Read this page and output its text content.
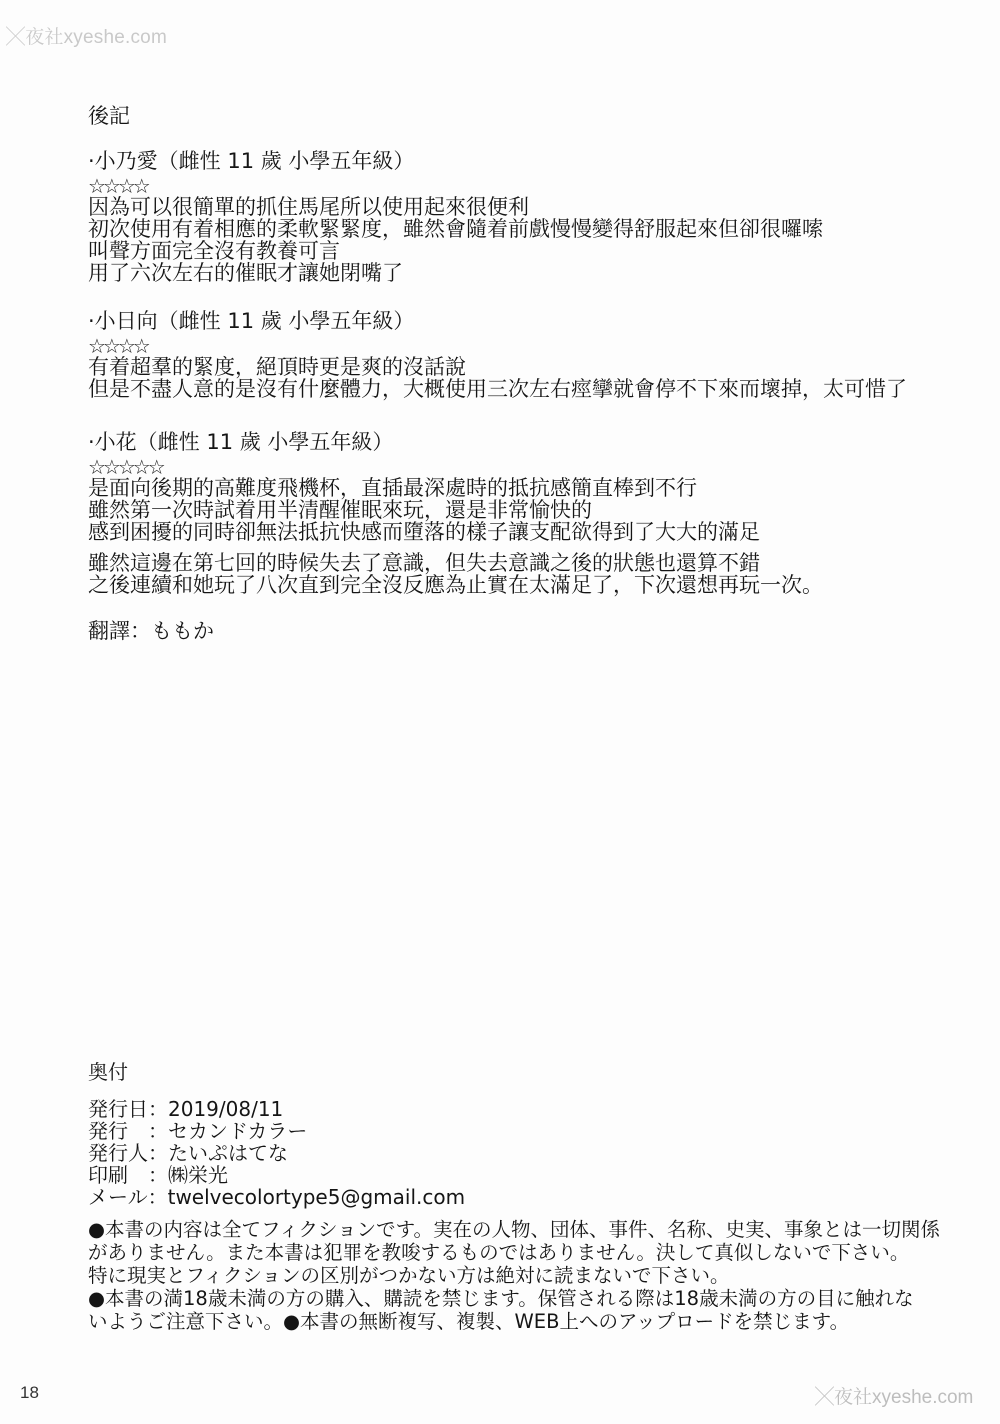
╳夜社xyeshe.com
後記
·小乃愛（雌性 11 歲 小學五年級）
☆☆☆☆
因為可以很簡單的抓住馬尾所以使用起來很便利
初次使用有着相應的柔軟緊緊度，雖然會隨着前戲慢慢變得舒服起來但卻很囉嗦
叫聲方面完全沒有教養可言
用了六次左右的催眠才讓她閉嘴了
·小日向（雌性 11 歲 小學五年級）
☆☆☆☆
有着超羣的緊度，絕頂時更是爽的沒話說
但是不盡人意的是沒有什麼體力，大概使用三次左右痙攣就會停不下來而壞掉，太可惜了
·小花（雌性 11 歲 小學五年級）
☆☆☆☆☆
是面向後期的高難度飛機杯，直插最深處時的抵抗感簡直棒到不行
雖然第一次時試着用半清醒催眠來玩，還是非常愉快的
感到困擾的同時卻無法抵抗快感而墮落的樣子讓支配欲得到了大大的滿足
雖然這邊在第七回的時候失去了意識，但失去意識之後的狀態也還算不錯
之後連續和她玩了八次直到完全沒反應為止實在太滿足了，下次還想再玩一次。
翻譯：ももか
奥付
発行日：2019/08/11
発行　：セカンドカラー
発行人：たいぷはてな
印刷　：㈱栄光
メール：twelvecolortype5@gmail.com
●本書の内容は全てフィクションです。実在の人物、団体、事件、名称、史実、事象とは一切関係
がありません。また本書は犯罪を教唆するものではありません。決して真似しないで下さい。
特に現実とフィクションの区別がつかない方は絶対に読まないで下さい。
●本書の満18歳未満の方の購入、購読を禁じます。保管される際は18歳未満の方の目に触れな
いようご注意下さい。●本書の無断複写、複製、WEB上へのアップロードを禁じます。
18	╳夜社xyeshe.com
